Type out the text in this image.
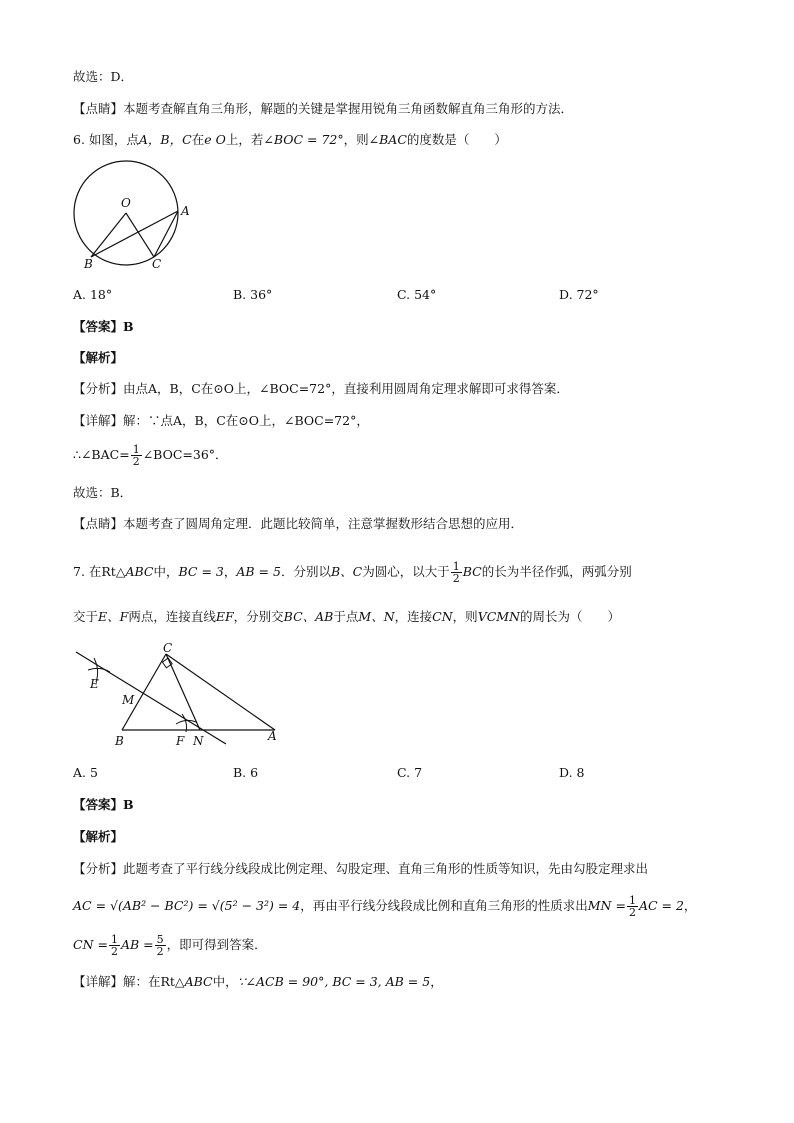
故选：D．
【点睛】本题考查解直角三角形，解题的关键是掌握用锐角三角函数解直角三角形的方法．
6. 如图，点A，B，C在e O上，若∠BOC = 72°，则∠BAC的度数是（　　）
O
A
B	C
A. 18°	B. 36°	C. 54°	D. 72°
【答案】B
【解析】
【分析】由点A，B，C在⊙O上，∠BOC=72°，直接利用圆周角定理求解即可求得答案．
【详解】解：∵点A，B，C在⊙O上，∠BOC=72°，
∴∠BAC= $\frac{1}{2}$ ∠BOC=36°．
故选：B．
【点睛】本题考查了圆周角定理．此题比较简单，注意掌握数形结合思想的应用．
7. 在Rt△ABC中，BC = 3，AB = 5．分别以B、C为圆心，以大于 $\frac{1}{2}$ BC的长为半径作弧，两弧分别
交于E、F两点，连接直线EF，分别交BC、AB于点M、N，连接CN，则VCMN的周长为（　　）
C
E
M
B	F N	A
A. 5	B. 6	C. 7	D. 8
【答案】B
【解析】
【分析】此题考查了平行线分线段成比例定理、勾股定理、直角三角形的性质等知识，先由勾股定理求出
AC = √(AB² − BC²) = √(5² − 3²) = 4，再由平行线分线段成比例和直角三角形的性质求出MN = $\frac{1}{2}$ AC = 2，
CN = $\frac{1}{2}$ AB = $\frac{5}{2}$ ，即可得到答案．
【详解】解：在Rt△ABC中，∵∠ACB = 90°, BC = 3, AB = 5，
